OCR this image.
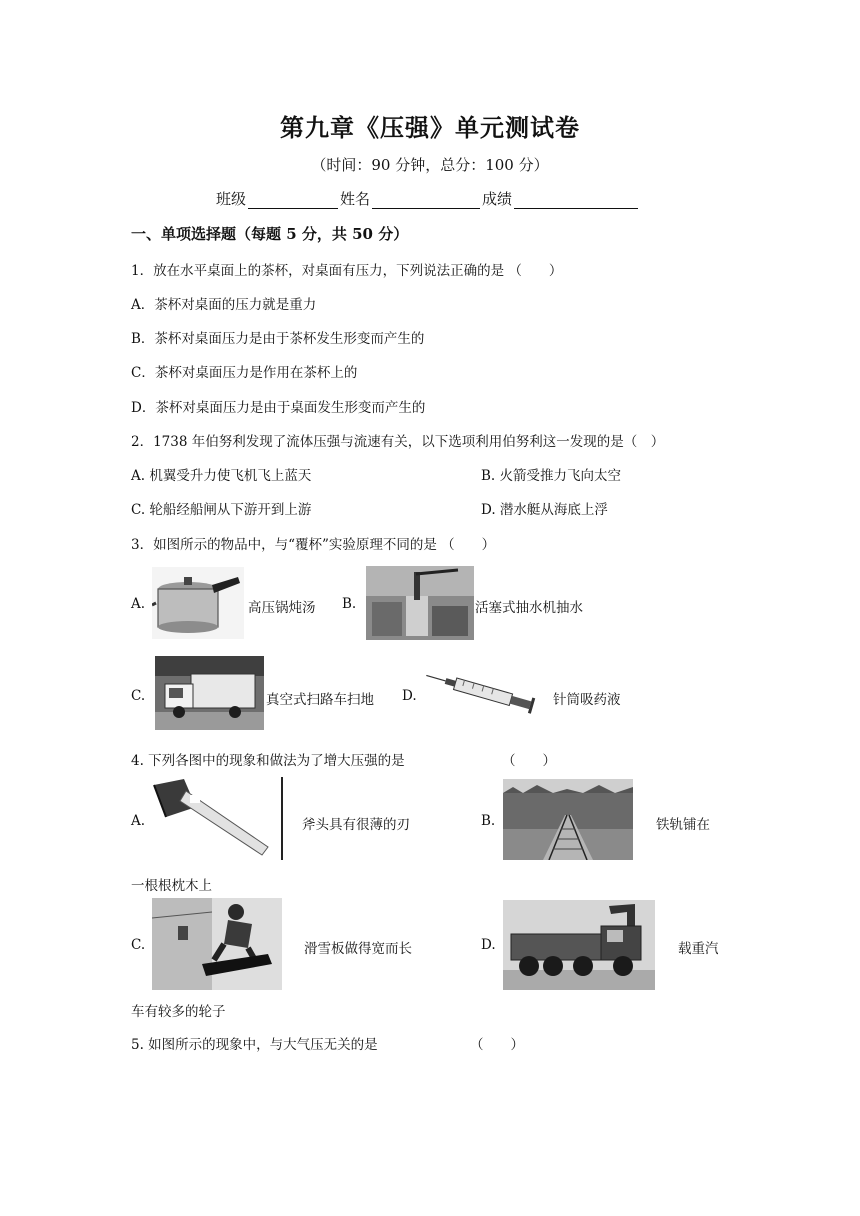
第九章《压强》单元测试卷
（时间：90 分钟，总分：100 分）
班级	姓名	成绩
一、单项选择题（每题 5 分，共 50 分）
1．放在水平桌面上的茶杯，对桌面有压力，下列说法正确的是 （　　）
A．茶杯对桌面的压力就是重力
B．茶杯对桌面压力是由于茶杯发生形变而产生的
C．茶杯对桌面压力是作用在茶杯上的
D．茶杯对桌面压力是由于桌面发生形变而产生的
2．1738 年伯努利发现了流体压强与流速有关，以下选项利用伯努利这一发现的是（　）
A. 机翼受升力使飞机飞上蓝天	B. 火箭受推力飞向太空
C. 轮船经船闸从下游开到上游	D. 潜水艇从海底上浮
3．如图所示的物品中，与“覆杯”实验原理不同的是 （　　）
A.	高压锅炖汤 B.	活塞式抽水机抽水
C.	真空式扫路车扫地 D.	针筒吸药液
4. 下列各图中的现象和做法为了增大压强的是	（　　）
A.	斧头具有很薄的刃	B.	铁轨铺在
一根根枕木上
C.	滑雪板做得宽而长	D.	载重汽
车有较多的轮子
5. 如图所示的现象中，与大气压无关的是	（　　）
